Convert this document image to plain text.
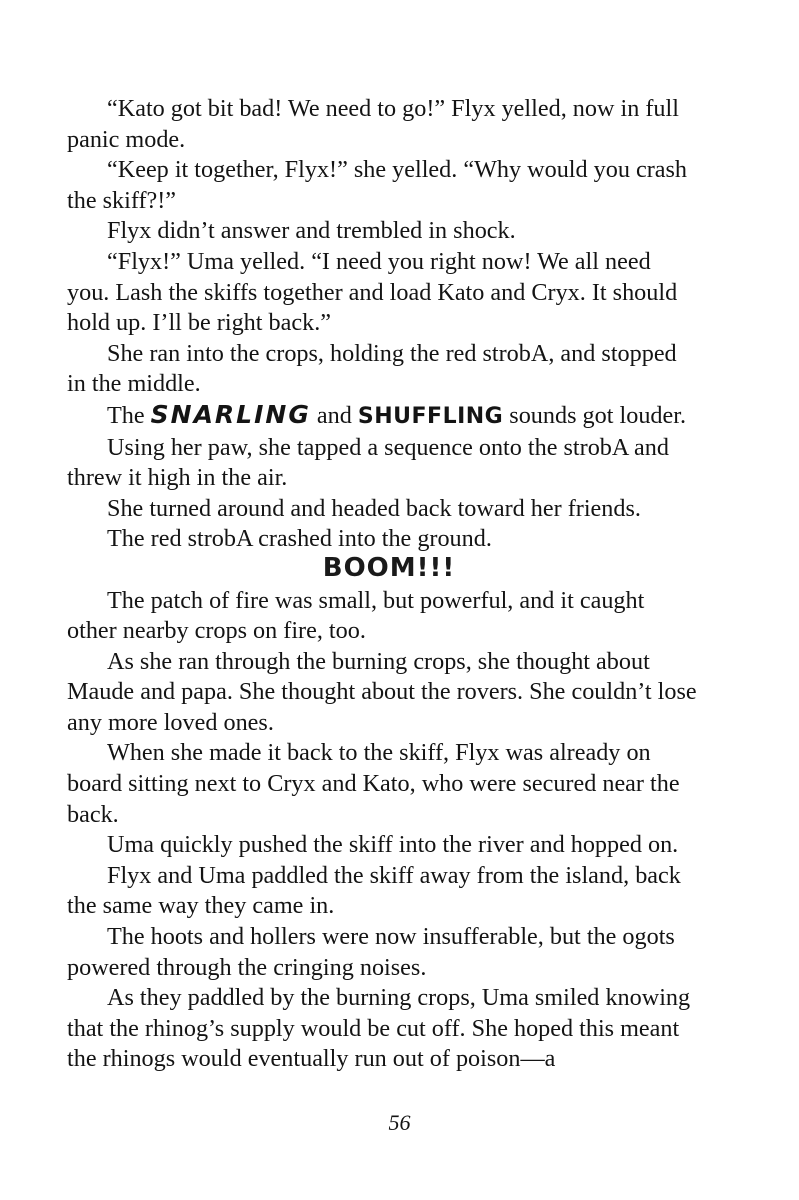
“Kato got bit bad! We need to go!” Flyx yelled, now in full panic mode.

“Keep it together, Flyx!” she yelled. “Why would you crash the skiff?!”

Flyx didn’t answer and trembled in shock.

“Flyx!” Uma yelled. “I need you right now! We all need you. Lash the skiffs together and load Kato and Cryx. It should hold up. I’ll be right back.”

She ran into the crops, holding the red strobA, and stopped in the middle.

The SNARLING and SHUFFLING sounds got louder.

Using her paw, she tapped a sequence onto the strobA and threw it high in the air.

She turned around and headed back toward her friends.

The red strobA crashed into the ground.

BOOM!!!

The patch of fire was small, but powerful, and it caught other nearby crops on fire, too.

As she ran through the burning crops, she thought about Maude and papa. She thought about the rovers. She couldn’t lose any more loved ones.

When she made it back to the skiff, Flyx was already on board sitting next to Cryx and Kato, who were secured near the back.

Uma quickly pushed the skiff into the river and hopped on.

Flyx and Uma paddled the skiff away from the island, back the same way they came in.

The hoots and hollers were now insufferable, but the ogots powered through the cringing noises.

As they paddled by the burning crops, Uma smiled knowing that the rhinog’s supply would be cut off. She hoped this meant the rhinogs would eventually run out of poison—a

56
